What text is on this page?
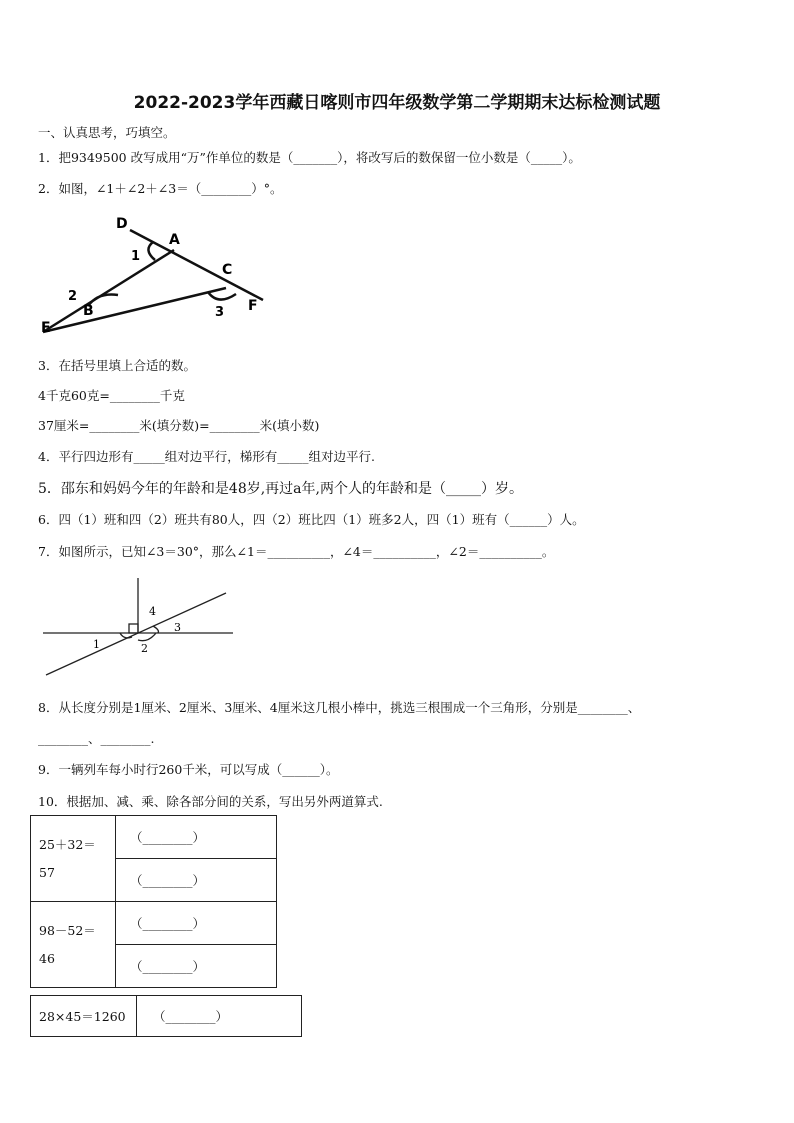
2022-2023学年西藏日喀则市四年级数学第二学期期末达标检测试题
一、认真思考，巧填空。
1．把9349500 改写成用“万”作单位的数是（_______），将改写后的数保留一位小数是（_____）。
2．如图，∠1＋∠2＋∠3＝（________）°。
D
A
C
B
E
F
1
2
3
3．在括号里填上合适的数。
4千克60克=________千克
37厘米=________米(填分数)=________米(填小数)
4．平行四边形有_____组对边平行，梯形有_____组对边平行.
5．邵东和妈妈今年的年龄和是48岁,再过a年,两个人的年龄和是（_____）岁。
6．四（1）班和四（2）班共有80人，四（2）班比四（1）班多2人，四（1）班有（______）人。
7．如图所示，已知∠3＝30°，那么∠1＝__________，∠4＝__________，∠2＝__________。
4
3
1	2
8．从长度分别是1厘米、2厘米、3厘米、4厘米这几根小棒中，挑选三根围成一个三角形，分别是________、
________、________.
9．一辆列车每小时行260千米，可以写成（______）。
10．根据加、减、乘、除各部分间的关系，写出另外两道算式.
25＋32＝
57	（________）
	（________）

98－52＝
46	（________）
	（________）
28×45＝1260	（________）
